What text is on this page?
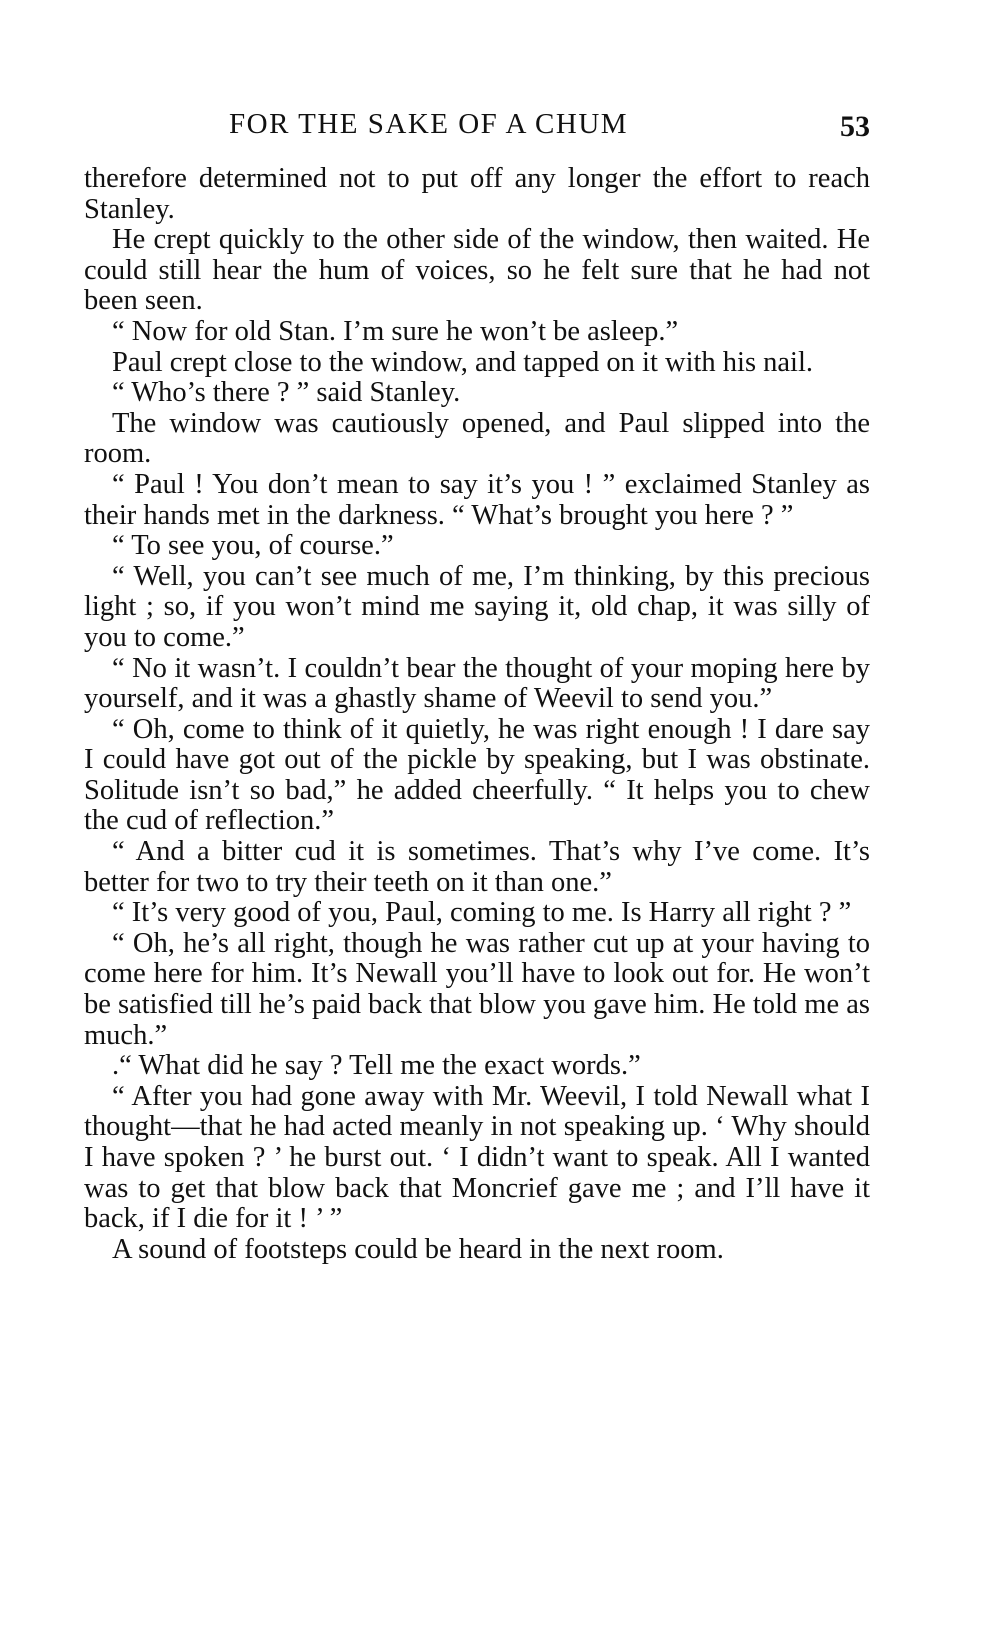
FOR THE SAKE OF A CHUM	53

therefore determined not to put off any longer the effort to reach Stanley.

He crept quickly to the other side of the window, then waited. He could still hear the hum of voices, so he felt sure that he had not been seen.

“ Now for old Stan. I’m sure he won’t be asleep.”

Paul crept close to the window, and tapped on it with his nail.

“ Who’s there ? ” said Stanley.

The window was cautiously opened, and Paul slipped into the room.

“ Paul ! You don’t mean to say it’s you ! ” exclaimed Stanley as their hands met in the darkness. “ What’s brought you here ? ”

“ To see you, of course.”

“ Well, you can’t see much of me, I’m thinking, by this precious light ; so, if you won’t mind me saying it, old chap, it was silly of you to come.”

“ No it wasn’t. I couldn’t bear the thought of your moping here by yourself, and it was a ghastly shame of Weevil to send you.”

“ Oh, come to think of it quietly, he was right enough ! I dare say I could have got out of the pickle by speaking, but I was obstinate. Solitude isn’t so bad,” he added cheerfully. “ It helps you to chew the cud of reflection.”

“ And a bitter cud it is sometimes. That’s why I’ve come. It’s better for two to try their teeth on it than one.”

“ It’s very good of you, Paul, coming to me. Is Harry all right ? ”

“ Oh, he’s all right, though he was rather cut up at your having to come here for him. It’s Newall you’ll have to look out for. He won’t be satisfied till he’s paid back that blow you gave him. He told me as much.”

.“ What did he say ? Tell me the exact words.”

“ After you had gone away with Mr. Weevil, I told Newall what I thought—that he had acted meanly in not speaking up. ‘ Why should I have spoken ? ’ he burst out. ‘ I didn’t want to speak. All I wanted was to get that blow back that Moncrief gave me ; and I’ll have it back, if I die for it ! ’ ”

A sound of footsteps could be heard in the next room.
